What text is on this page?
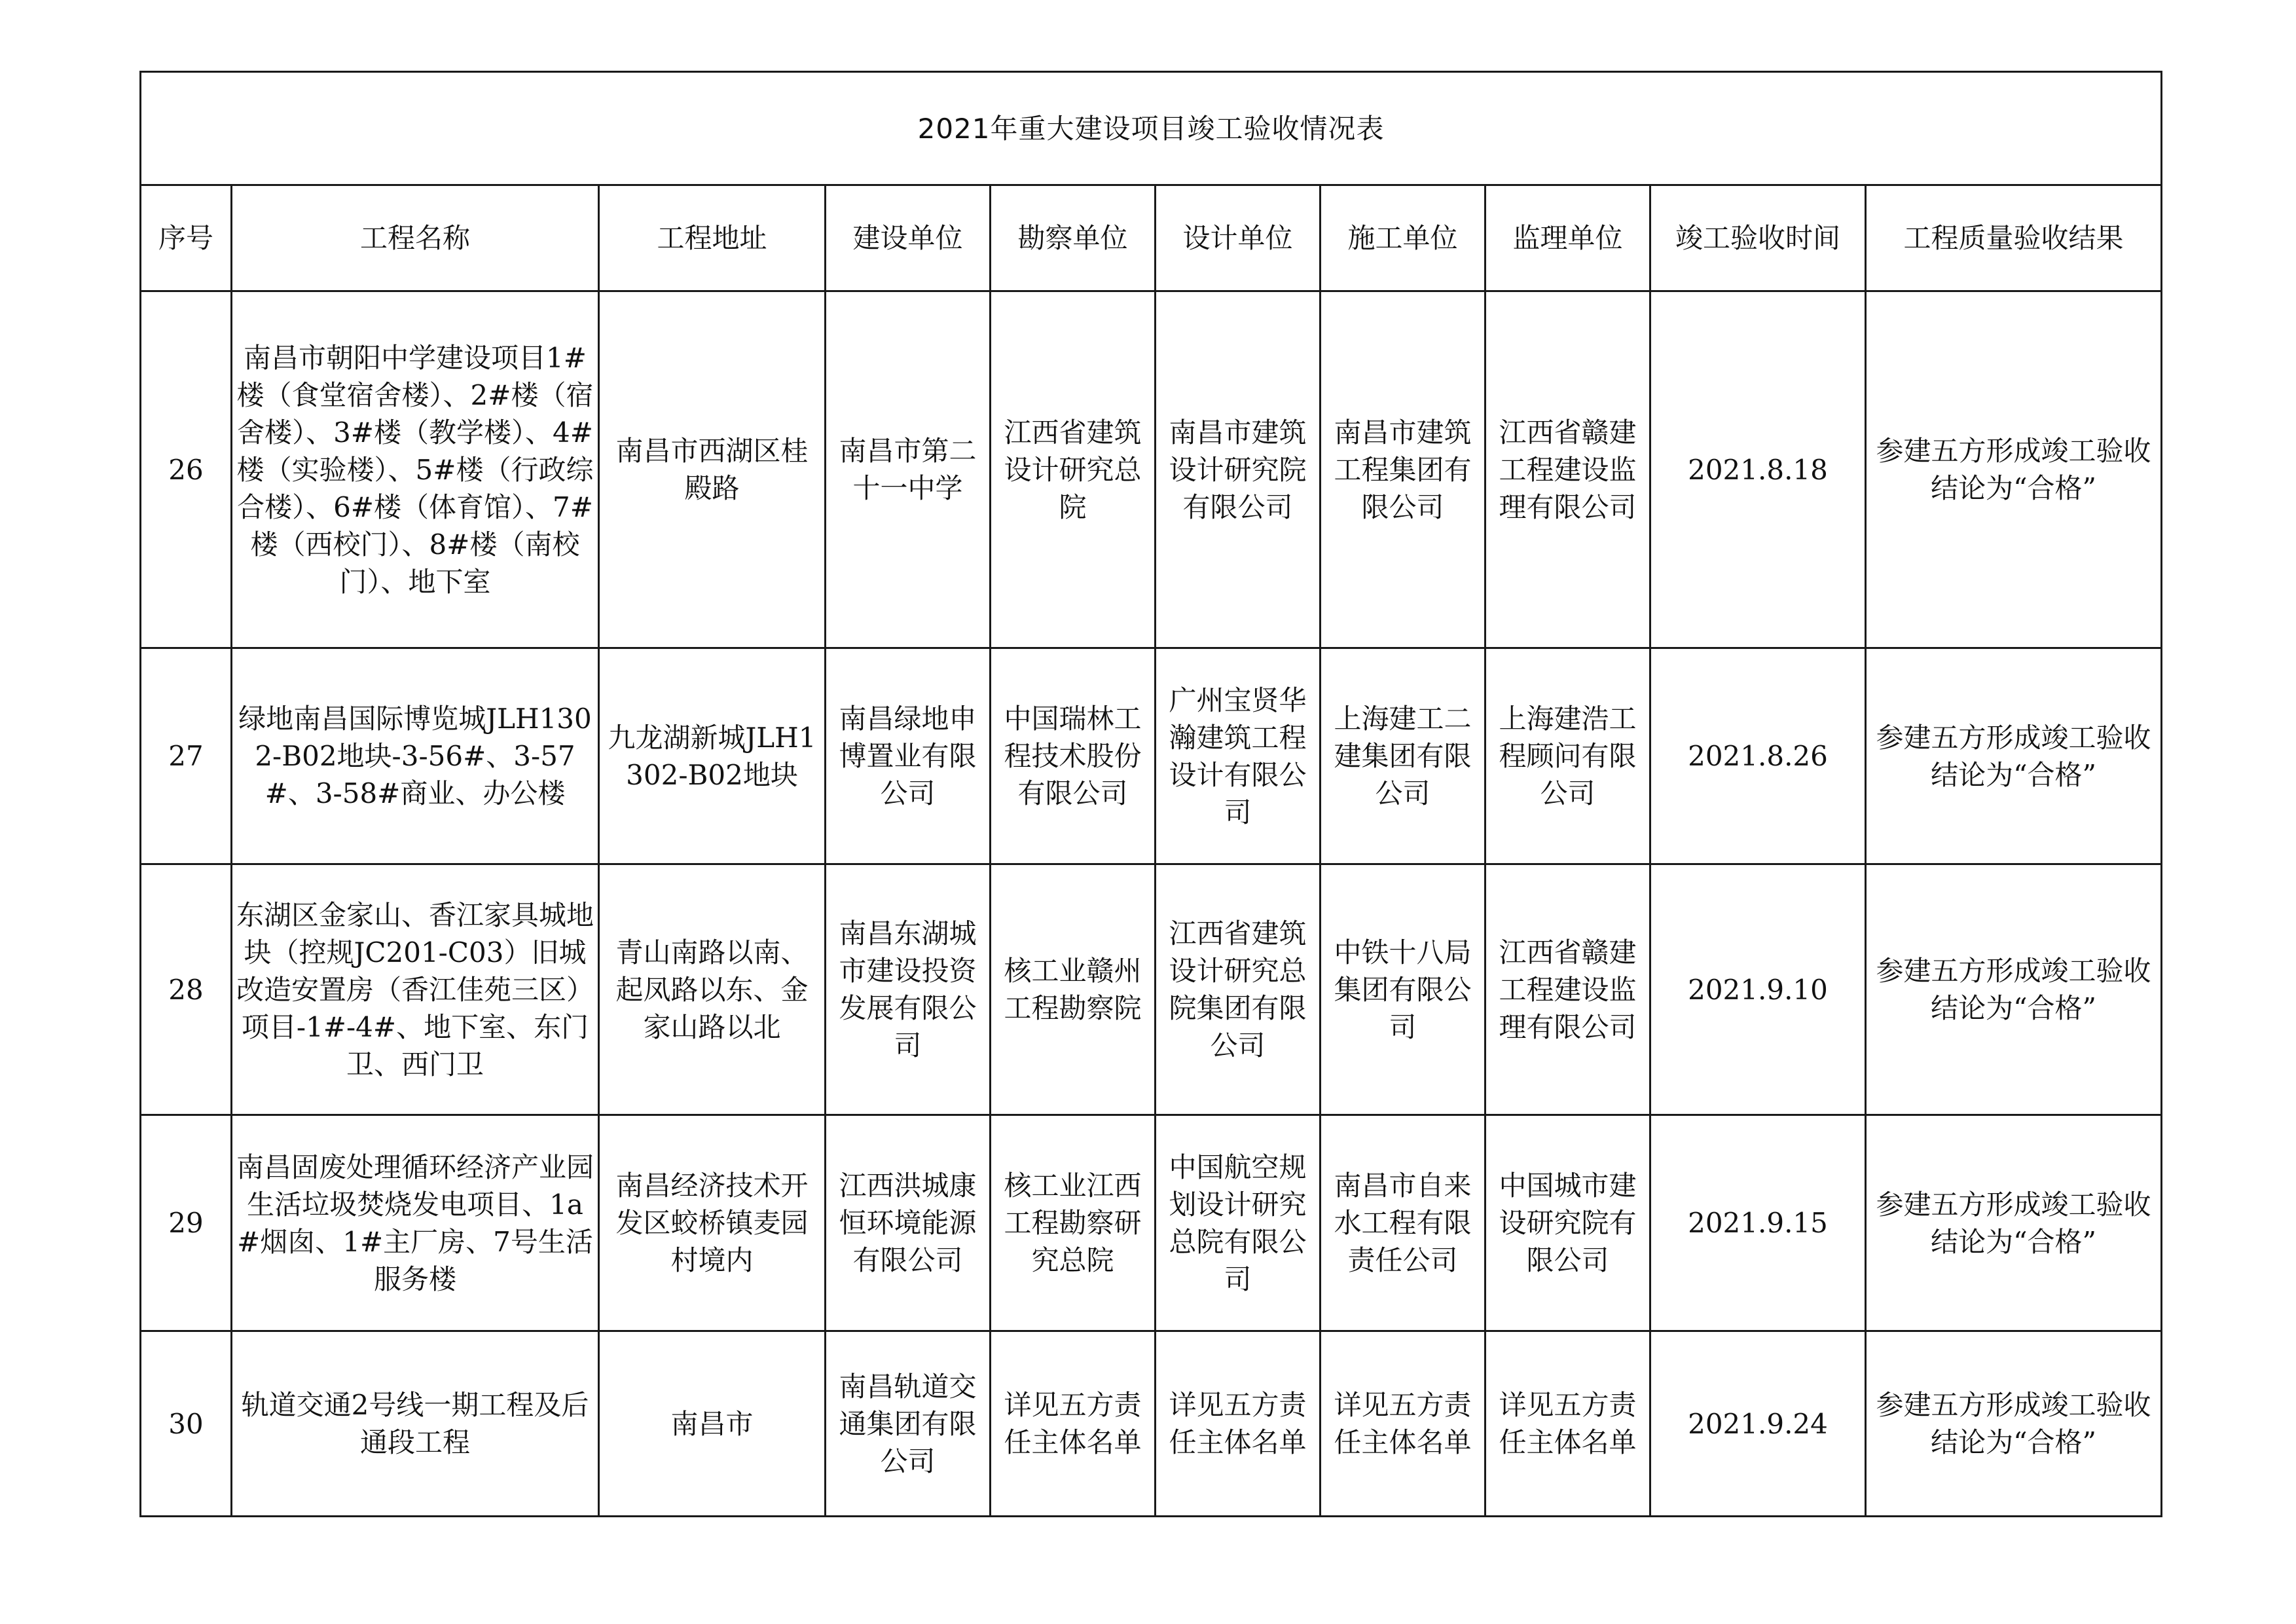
2021年重大建设项目竣工验收情况表									
序号	工程名称	工程地址	建设单位	勘察单位	设计单位	施工单位	监理单位	竣工验收时间	工程质量验收结果
26	南昌市朝阳中学建设项目1#楼（食堂宿舍楼）、2#楼（宿舍楼）、3#楼（教学楼）、4#楼（实验楼）、5#楼（行政综合楼）、6#楼（体育馆）、7#楼（西校门）、8#楼（南校门）、地下室	南昌市西湖区桂殿路	南昌市第二十一中学	江西省建筑设计研究总院	南昌市建筑设计研究院有限公司	南昌市建筑工程集团有限公司	江西省赣建工程建设监理有限公司	2021.8.18	参建五方形成竣工验收结论为“合格”
27	绿地南昌国际博览城JLH1302-B02地块-3-56#、3-57#、3-58#商业、办公楼	九龙湖新城JLH1302-B02地块	南昌绿地申博置业有限公司	中国瑞林工程技术股份有限公司	广州宝贤华瀚建筑工程设计有限公司	上海建工二建集团有限公司	上海建浩工程顾问有限公司	2021.8.26	参建五方形成竣工验收结论为“合格”
28	东湖区金家山、香江家具城地块（控规JC201-C03）旧城改造安置房（香江佳苑三区）项目-1#-4#、地下室、东门卫、西门卫	青山南路以南、起凤路以东、金家山路以北	南昌东湖城市建设投资发展有限公司	核工业赣州工程勘察院	江西省建筑设计研究总院集团有限公司	中铁十八局集团有限公司	江西省赣建工程建设监理有限公司	2021.9.10	参建五方形成竣工验收结论为“合格”
29	南昌固废处理循环经济产业园生活垃圾焚烧发电项目、1a#烟囱、1#主厂房、7号生活服务楼	南昌经济技术开发区蛟桥镇麦园村境内	江西洪城康恒环境能源有限公司	核工业江西工程勘察研究总院	中国航空规划设计研究总院有限公司	南昌市自来水工程有限责任公司	中国城市建设研究院有限公司	2021.9.15	参建五方形成竣工验收结论为“合格”
30	轨道交通2号线一期工程及后通段工程	南昌市	南昌轨道交通集团有限公司	详见五方责任主体名单	详见五方责任主体名单	详见五方责任主体名单	详见五方责任主体名单	2021.9.24	参建五方形成竣工验收结论为“合格”
